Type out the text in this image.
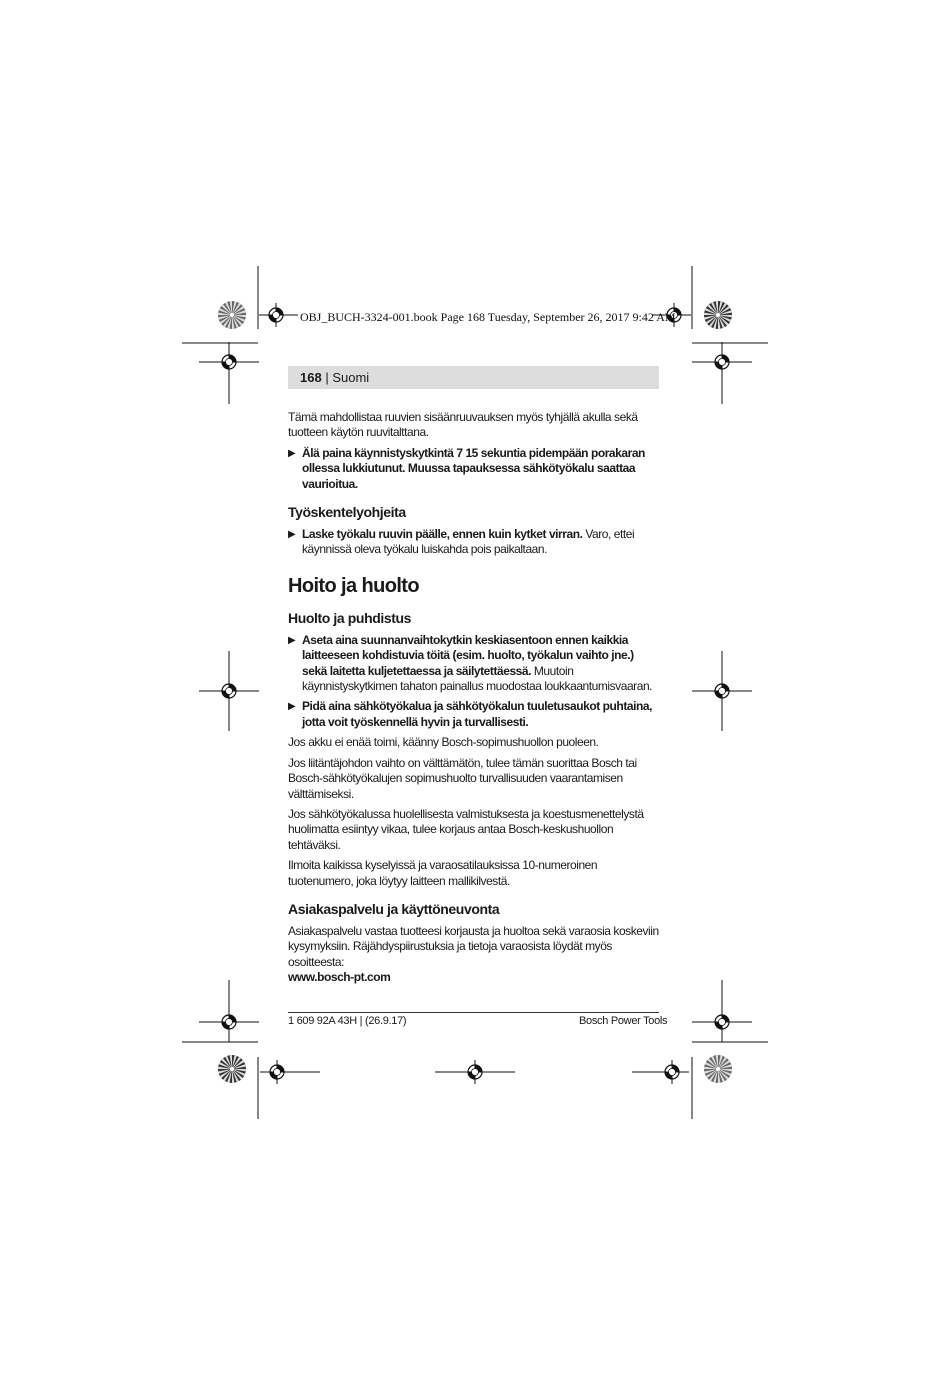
OBJ_BUCH-3324-001.book Page 168 Tuesday, September 26, 2017 9:42 AM
168 | Suomi

Tämä mahdollistaa ruuvien sisäänruuvauksen myös tyhjällä akulla sekä tuotteen käytön ruuvitalttana.

▶ Älä paina käynnistyskytkintä 7 15 sekuntia pidempään porakaran ollessa lukkiutunut. Muussa tapauksessa sähkötyökalu saattaa vaurioitua.
Työskentelyohjeita
▶ Laske työkalu ruuvin päälle, ennen kuin kytket virran. Varo, ettei käynnissä oleva työkalu luiskahda pois paikaltaan.
Hoito ja huolto
Huolto ja puhdistus
▶ Aseta aina suunnanvaihtokytkin keskiasentoon ennen kaikkia laitteeseen kohdistuvia töitä (esim. huolto, työkalun vaihto jne.) sekä laitetta kuljetettaessa ja säilytettäessä. Muutoin käynnistyskytkimen tahaton painallus muodostaa loukkaantumisvaaran.
▶ Pidä aina sähkötyökalua ja sähkötyökalun tuuletusaukot puhtaina, jotta voit työskennellä hyvin ja turvallisesti.

Jos akku ei enää toimi, käänny Bosch-sopimushuollon puoleen.

Jos liitäntäjohdon vaihto on välttämätön, tulee tämän suorittaa Bosch tai Bosch-sähkötyökalujen sopimushuolto turvallisuuden vaarantamisen välttämiseksi.

Jos sähkötyökalussa huolellisesta valmistuksesta ja koestusmenettelystä huolimatta esiintyy vikaa, tulee korjaus antaa Bosch-keskushuollon tehtäväksi.

Ilmoita kaikissa kyselyissä ja varaosatilauksissa 10-numeroinen tuotenumero, joka löytyy laitteen mallikilvestä.

Asiakaspalvelu ja käyttöneuvonta

Asiakaspalvelu vastaa tuotteesi korjausta ja huoltoa sekä varaosia koskeviin kysymyksiin. Räjähdyspiirustuksia ja tietoja varaosista löydät myös osoitteesta:

www.bosch-pt.com
1 609 92A 43H | (26.9.17)	Bosch Power Tools
